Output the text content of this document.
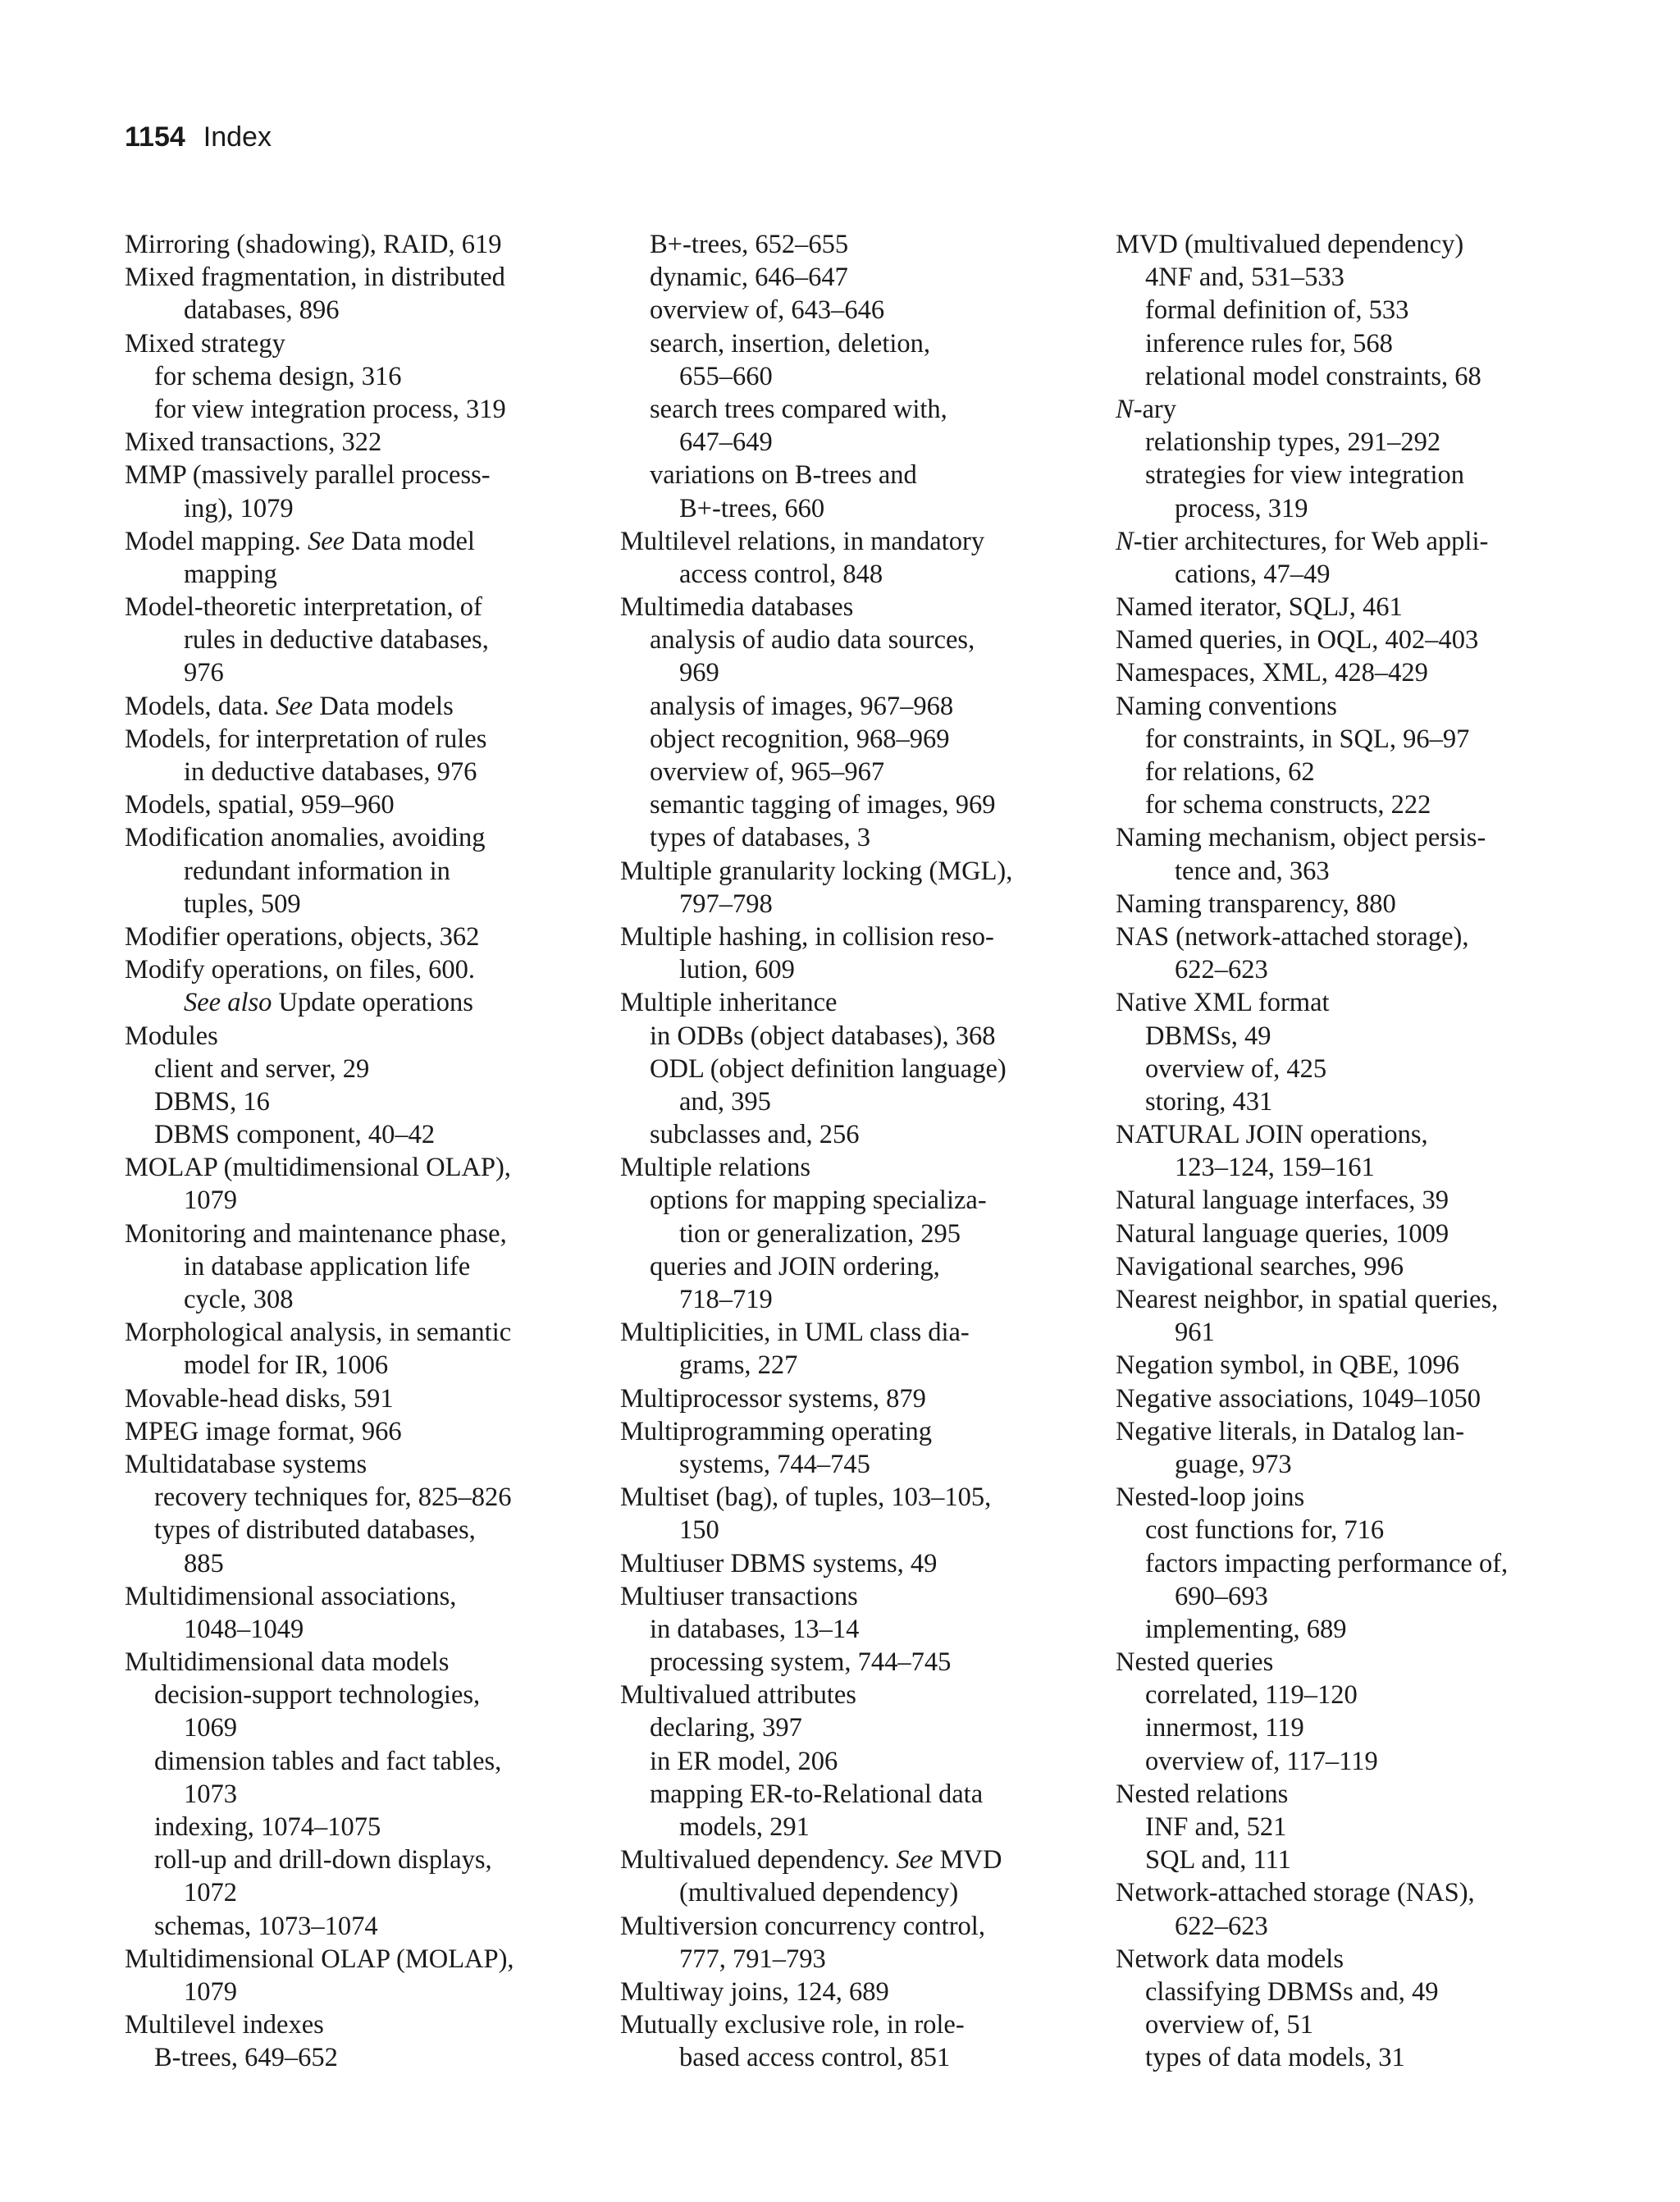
1154 Index
Mirroring (shadowing), RAID, 619
Mixed fragmentation, in distributed
databases, 896
Mixed strategy
for schema design, 316
for view integration process, 319
Mixed transactions, 322
MMP (massively parallel process-
ing), 1079
Model mapping. See Data model
mapping
Model-theoretic interpretation, of
rules in deductive databases,
976
Models, data. See Data models
Models, for interpretation of rules
in deductive databases, 976
Models, spatial, 959–960
Modification anomalies, avoiding
redundant information in
tuples, 509
Modifier operations, objects, 362
Modify operations, on files, 600.
See also Update operations
Modules
client and server, 29
DBMS, 16
DBMS component, 40–42
MOLAP (multidimensional OLAP),
1079
Monitoring and maintenance phase,
in database application life
cycle, 308
Morphological analysis, in semantic
model for IR, 1006
Movable-head disks, 591
MPEG image format, 966
Multidatabase systems
recovery techniques for, 825–826
types of distributed databases,
885
Multidimensional associations,
1048–1049
Multidimensional data models
decision-support technologies,
1069
dimension tables and fact tables,
1073
indexing, 1074–1075
roll-up and drill-down displays,
1072
schemas, 1073–1074
Multidimensional OLAP (MOLAP),
1079
Multilevel indexes
B-trees, 649–652
B+-trees, 652–655
dynamic, 646–647
overview of, 643–646
search, insertion, deletion,
655–660
search trees compared with,
647–649
variations on B-trees and
B+-trees, 660
Multilevel relations, in mandatory
access control, 848
Multimedia databases
analysis of audio data sources,
969
analysis of images, 967–968
object recognition, 968–969
overview of, 965–967
semantic tagging of images, 969
types of databases, 3
Multiple granularity locking (MGL),
797–798
Multiple hashing, in collision reso-
lution, 609
Multiple inheritance
in ODBs (object databases), 368
ODL (object definition language)
and, 395
subclasses and, 256
Multiple relations
options for mapping specializa-
tion or generalization, 295
queries and JOIN ordering,
718–719
Multiplicities, in UML class dia-
grams, 227
Multiprocessor systems, 879
Multiprogramming operating
systems, 744–745
Multiset (bag), of tuples, 103–105,
150
Multiuser DBMS systems, 49
Multiuser transactions
in databases, 13–14
processing system, 744–745
Multivalued attributes
declaring, 397
in ER model, 206
mapping ER-to-Relational data
models, 291
Multivalued dependency. See MVD
(multivalued dependency)
Multiversion concurrency control,
777, 791–793
Multiway joins, 124, 689
Mutually exclusive role, in role-
based access control, 851
MVD (multivalued dependency)
4NF and, 531–533
formal definition of, 533
inference rules for, 568
relational model constraints, 68
N-ary
relationship types, 291–292
strategies for view integration
process, 319
N-tier architectures, for Web appli-
cations, 47–49
Named iterator, SQLJ, 461
Named queries, in OQL, 402–403
Namespaces, XML, 428–429
Naming conventions
for constraints, in SQL, 96–97
for relations, 62
for schema constructs, 222
Naming mechanism, object persis-
tence and, 363
Naming transparency, 880
NAS (network-attached storage),
622–623
Native XML format
DBMSs, 49
overview of, 425
storing, 431
NATURAL JOIN operations,
123–124, 159–161
Natural language interfaces, 39
Natural language queries, 1009
Navigational searches, 996
Nearest neighbor, in spatial queries,
961
Negation symbol, in QBE, 1096
Negative associations, 1049–1050
Negative literals, in Datalog lan-
guage, 973
Nested-loop joins
cost functions for, 716
factors impacting performance of,
690–693
implementing, 689
Nested queries
correlated, 119–120
innermost, 119
overview of, 117–119
Nested relations
INF and, 521
SQL and, 111
Network-attached storage (NAS),
622–623
Network data models
classifying DBMSs and, 49
overview of, 51
types of data models, 31
